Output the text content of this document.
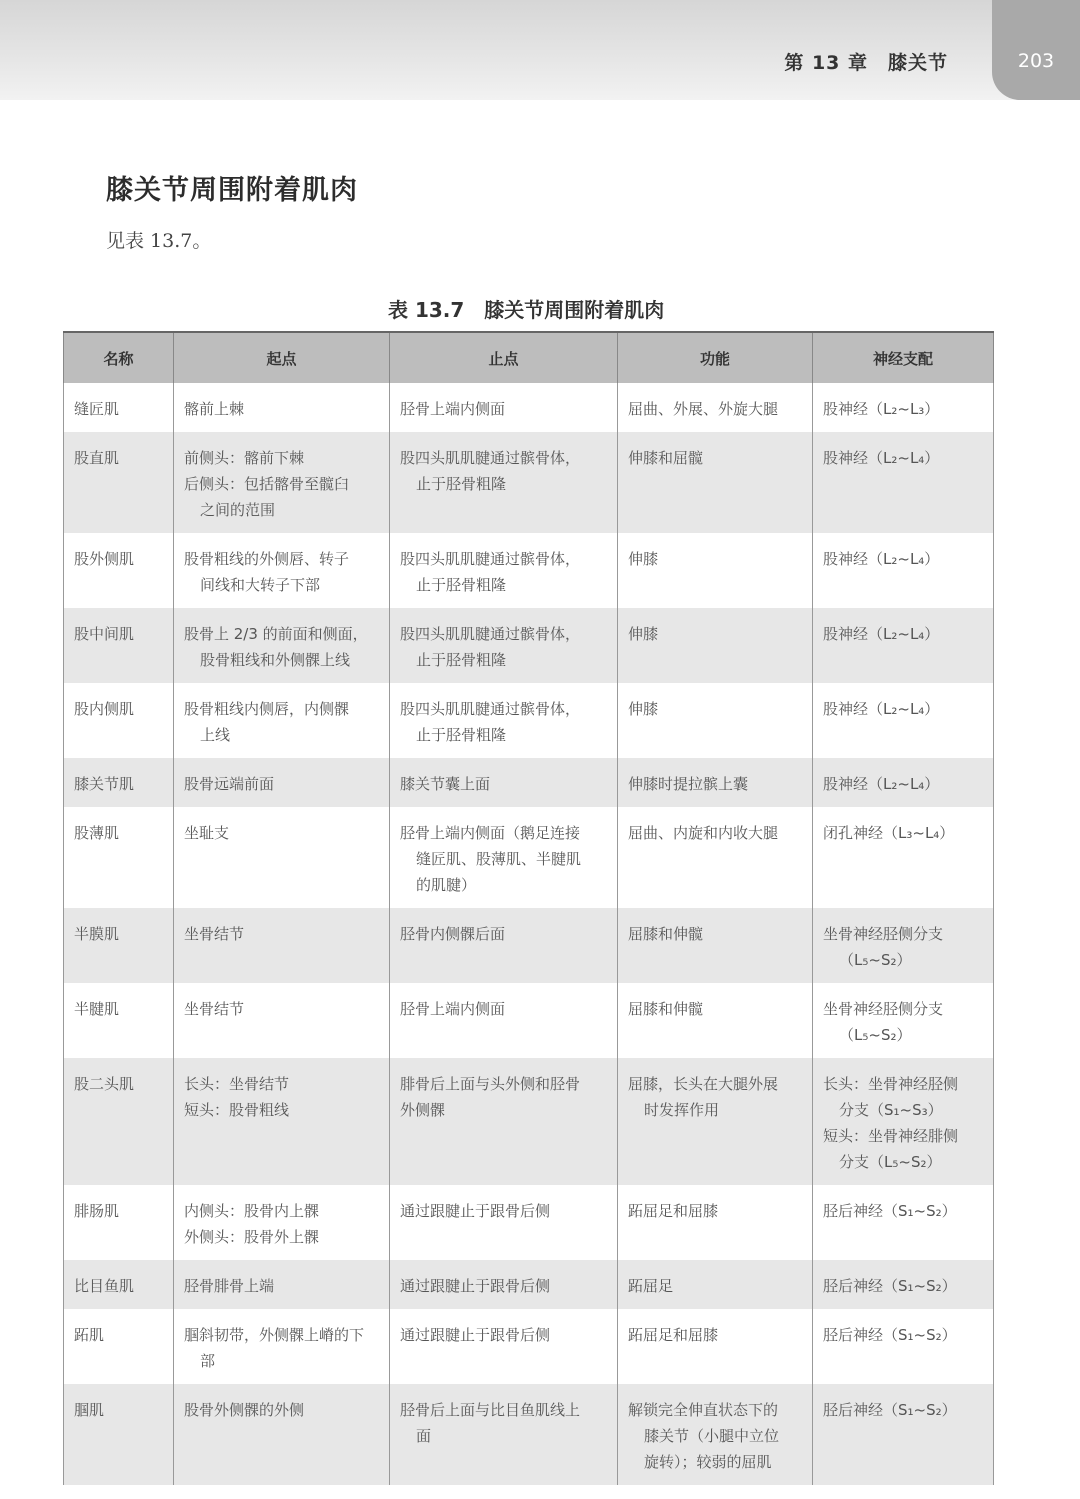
第 13 章　膝关节	203
膝关节周围附着肌肉
见表 13.7。
表 13.7　膝关节周围附着肌肉
名称	起点	止点	功能	神经支配
缝匠肌	髂前上棘	胫骨上端内侧面	屈曲、外展、外旋大腿	股神经（L₂~L₃）

股直肌	前侧头：髂前下棘
后侧头：包括髂骨至髋臼
之间的范围	股四头肌肌腱通过髌骨体，
止于胫骨粗隆	伸膝和屈髋	股神经（L₂~L₄）

股外侧肌	股骨粗线的外侧唇、转子
间线和大转子下部	股四头肌肌腱通过髌骨体，
止于胫骨粗隆	伸膝	股神经（L₂~L₄）

股中间肌	股骨上 2/3 的前面和侧面，
股骨粗线和外侧髁上线	股四头肌肌腱通过髌骨体，
止于胫骨粗隆	伸膝	股神经（L₂~L₄）

股内侧肌	股骨粗线内侧唇，内侧髁
上线	股四头肌肌腱通过髌骨体，
止于胫骨粗隆	伸膝	股神经（L₂~L₄）

膝关节肌	股骨远端前面	膝关节囊上面	伸膝时提拉髌上囊	股神经（L₂~L₄）

股薄肌	坐耻支	胫骨上端内侧面（鹅足连接
缝匠肌、股薄肌、半腱肌
的肌腱）	屈曲、内旋和内收大腿	闭孔神经（L₃~L₄）

半膜肌	坐骨结节	胫骨内侧髁后面	屈膝和伸髋	坐骨神经胫侧分支
（L₅~S₂）

半腱肌	坐骨结节	胫骨上端内侧面	屈膝和伸髋	坐骨神经胫侧分支
（L₅~S₂）

股二头肌	长头：坐骨结节
短头：股骨粗线	腓骨后上面与头外侧和胫骨
外侧髁	屈膝，长头在大腿外展
时发挥作用	长头：坐骨神经胫侧
分支（S₁~S₃）
短头：坐骨神经腓侧
分支（L₅~S₂）

腓肠肌	内侧头：股骨内上髁
外侧头：股骨外上髁	通过跟腱止于跟骨后侧	跖屈足和屈膝	胫后神经（S₁~S₂）

比目鱼肌	胫骨腓骨上端	通过跟腱止于跟骨后侧	跖屈足	胫后神经（S₁~S₂）

跖肌	腘斜韧带，外侧髁上嵴的下
部	通过跟腱止于跟骨后侧	跖屈足和屈膝	胫后神经（S₁~S₂）

腘肌	股骨外侧髁的外侧	胫骨后上面与比目鱼肌线上
面	解锁完全伸直状态下的
膝关节（小腿中立位
旋转）；较弱的屈肌	胫后神经（S₁~S₂）
